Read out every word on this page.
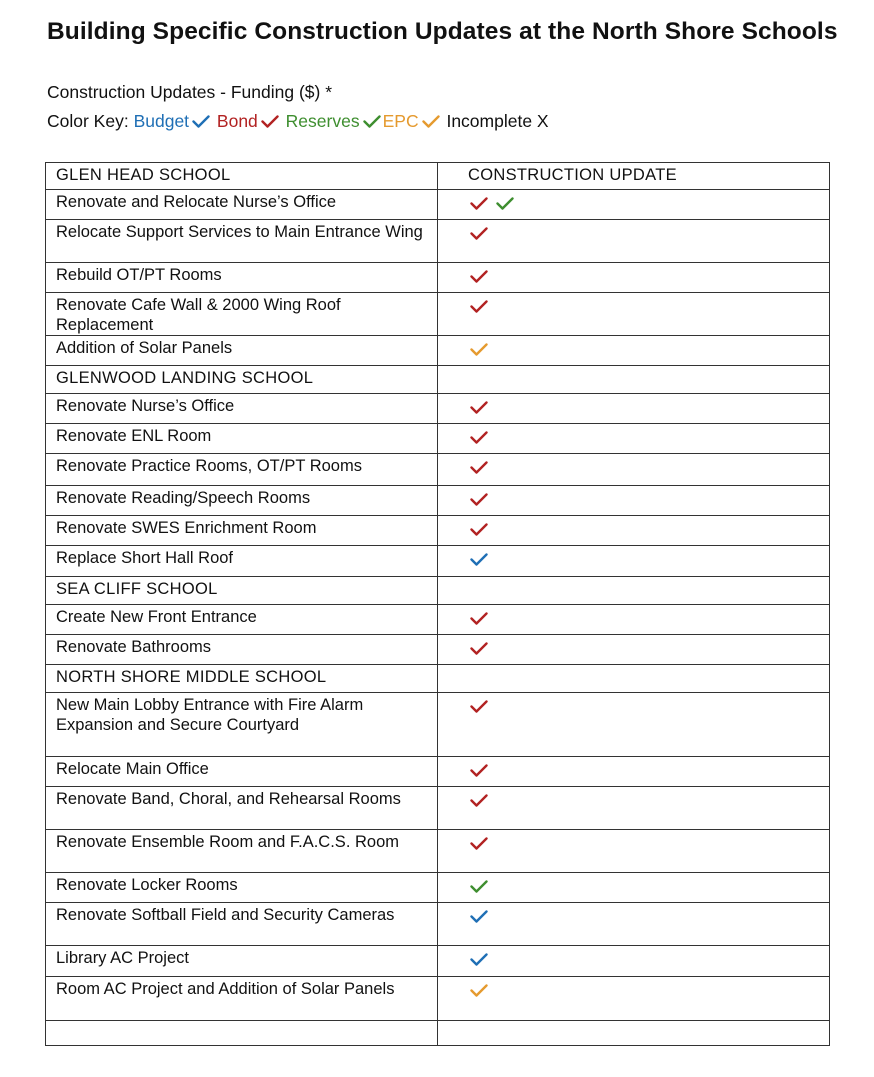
Building Specific Construction Updates at the North Shore Schools
Construction Updates - Funding ($) *
Color Key: Budget Bond Reserves EPC Incomplete X
GLEN HEAD SCHOOL	CONSTRUCTION UPDATE
Renovate and Relocate Nurse’s Office	

Relocate Support Services to Main Entrance Wing	

Rebuild OT/PT Rooms	

Renovate Cafe Wall & 2000 Wing Roof Replacement	

Addition of Solar Panels	

GLENWOOD LANDING SCHOOL	
Renovate Nurse’s Office	

Renovate ENL Room	

Renovate Practice Rooms, OT/PT Rooms	

Renovate Reading/Speech Rooms	

Renovate SWES Enrichment Room	

Replace Short Hall Roof	

SEA CLIFF SCHOOL	
Create New Front Entrance	

Renovate Bathrooms	

NORTH SHORE MIDDLE SCHOOL	
New Main Lobby Entrance with Fire Alarm Expansion and Secure Courtyard	

Relocate Main Office	

Renovate Band, Choral, and Rehearsal Rooms	

Renovate Ensemble Room and F.A.C.S. Room	

Renovate Locker Rooms	

Renovate Softball Field and Security Cameras	

Library AC Project	

Room AC Project and Addition of Solar Panels	
